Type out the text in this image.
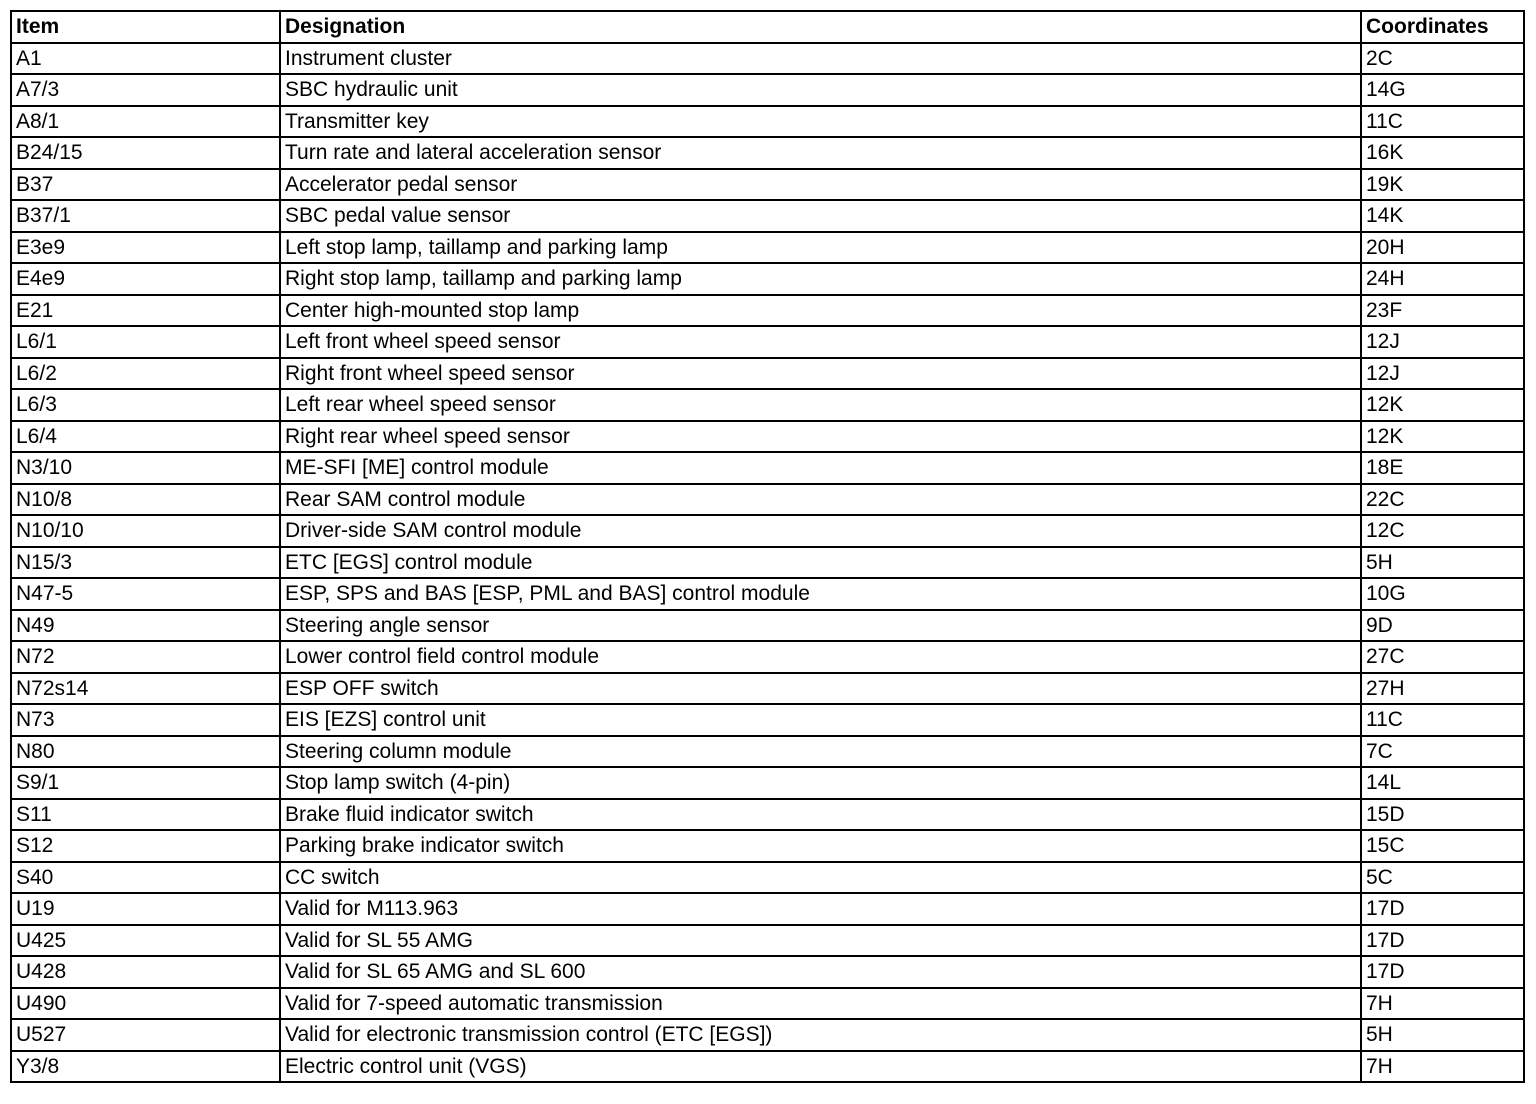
Item	Designation	Coordinates
A1	Instrument cluster	2C
A7/3	SBC hydraulic unit	14G
A8/1	Transmitter key	11C
B24/15	Turn rate and lateral acceleration sensor	16K
B37	Accelerator pedal sensor	19K
B37/1	SBC pedal value sensor	14K
E3e9	Left stop lamp, taillamp and parking lamp	20H
E4e9	Right stop lamp, taillamp and parking lamp	24H
E21	Center high-mounted stop lamp	23F
L6/1	Left front wheel speed sensor	12J
L6/2	Right front wheel speed sensor	12J
L6/3	Left rear wheel speed sensor	12K
L6/4	Right rear wheel speed sensor	12K
N3/10	ME-SFI [ME] control module	18E
N10/8	Rear SAM control module	22C
N10/10	Driver-side SAM control module	12C
N15/3	ETC [EGS] control module	5H
N47-5	ESP, SPS and BAS [ESP, PML and BAS] control module	10G
N49	Steering angle sensor	9D
N72	Lower control field control module	27C
N72s14	ESP OFF switch	27H
N73	EIS [EZS] control unit	11C
N80	Steering column module	7C
S9/1	Stop lamp switch (4-pin)	14L
S11	Brake fluid indicator switch	15D
S12	Parking brake indicator switch	15C
S40	CC switch	5C
U19	Valid for M113.963	17D
U425	Valid for SL 55 AMG	17D
U428	Valid for SL 65 AMG and SL 600	17D
U490	Valid for 7-speed automatic transmission	7H
U527	Valid for electronic transmission control (ETC [EGS])	5H
Y3/8	Electric control unit (VGS)	7H
